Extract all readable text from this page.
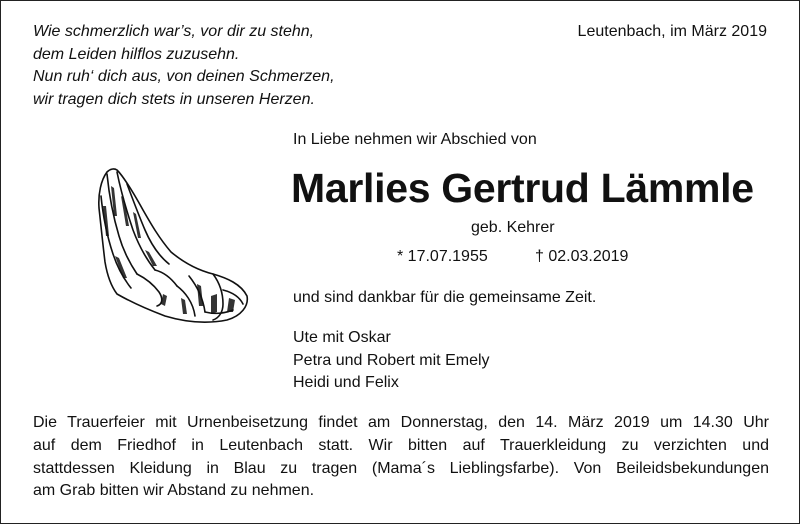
Wie schmerzlich war’s, vor dir zu stehn,
dem Leiden hilflos zuzusehn.
Nun ruh‘ dich aus, von deinen Schmerzen,
wir tragen dich stets in unseren Herzen.
Leutenbach, im März 2019
In Liebe nehmen wir Abschied von
Marlies Gertrud Lämmle
geb. Kehrer
* 17.07.1955	† 02.03.2019
und sind dankbar für die gemeinsame Zeit.
Ute mit Oskar
Petra und Robert mit Emely
Heidi und Felix
Die Trauerfeier mit Urnenbeisetzung findet am Donnerstag, den 14. März 2019 um 14.30 Uhr
auf dem Friedhof in Leutenbach statt. Wir bitten auf Trauerkleidung zu verzichten und
stattdessen Kleidung in Blau zu tragen (Mama´s Lieblingsfarbe). Von Beileidsbekundungen
am Grab bitten wir Abstand zu nehmen.
